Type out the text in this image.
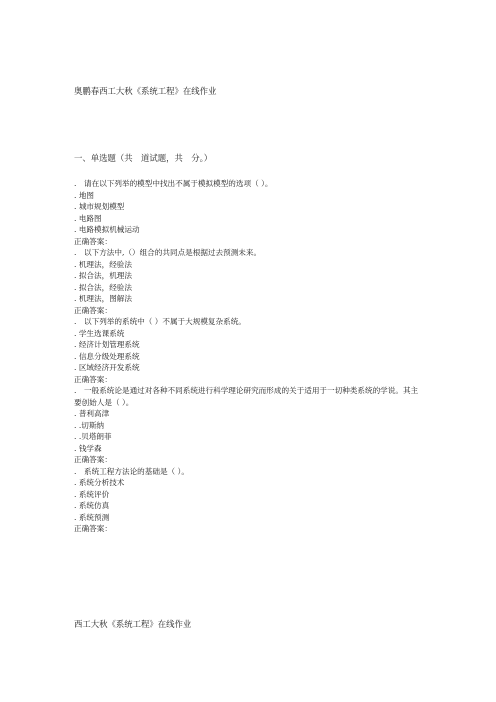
奥鹏春西工大秋《系统工程》在线作业
一、单选题（共　道试题，共　分。）
.　请在以下列举的模型中找出不属于模拟模型的选项（ ）。
. 地图
. 城市规划模型
. 电路图
. 电路模拟机械运动
正确答案：
.　以下方法中,（）组合的共同点是根据过去预测未来。
. 机理法，经验法
. 拟合法，机理法
. 拟合法，经验法
. 机理法，图解法
正确答案：
.　以下列举的系统中（ ）不属于大规模复杂系统。
. 学生选课系统
. 经济计划管理系统
. 信息分级处理系统
. 区域经济开发系统
正确答案：
.　一般系统论是通过对各种不同系统进行科学理论研究而形成的关于适用于一切种类系统的学说。其主要创始人是（ ）。
. 普利高津
. .切斯纳
. .贝塔朗菲
. 钱学森
正确答案：
.　系统工程方法论的基础是（ ）。
. 系统分析技术
. 系统评价
. 系统仿真
. 系统预测
正确答案：
西工大秋《系统工程》在线作业
